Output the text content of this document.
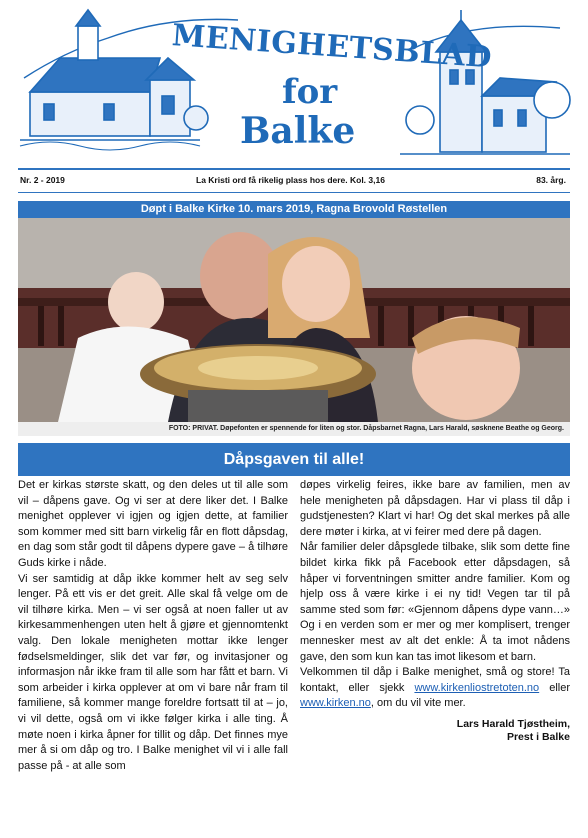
MENIGHETSBLAD
for
Balke
Nr. 2 - 2019	La Kristi ord få rikelig plass hos dere. Kol. 3,16	83. årg.
Døpt i Balke Kirke 10. mars 2019, Ragna Brovold Røstellen
FOTO: PRIVAT. Døpefonten er spennende for liten og stor. Dåpsbarnet Ragna, Lars Harald, søsknene Beathe og Georg.
Dåpsgaven til alle!

Det er kirkas største skatt, og den deles ut til alle som vil – dåpens gave. Og vi ser at dere liker det. I Balke menighet opplever vi igjen og igjen dette, at familier som kommer med sitt barn virkelig får en flott dåpsdag, en dag som står godt til dåpens dypere gave – å tilhøre Guds kirke i nåde.

Vi ser samtidig at dåp ikke kommer helt av seg selv lenger. På ett vis er det greit. Alle skal få velge om de vil tilhøre kirka. Men – vi ser også at noen faller ut av kirkesammenhengen uten helt å gjøre et gjennomtenkt valg. Den lokale menigheten mottar ikke lenger fødselsmeldinger, slik det var før, og invitasjoner og informasjon når ikke fram til alle som har fått et barn. Vi som arbeider i kirka opplever at om vi bare når fram til familiene, så kommer mange foreldre fortsatt til at – jo, vi vil dette, også om vi ikke følger kirka i alle ting. Å møte noen i kirka åpner for tillit og dåp. Det finnes mye mer å si om dåp og tro. I Balke menighet vil vi i alle fall passe på - at alle som

døpes virkelig feires, ikke bare av familien, men av hele menigheten på dåpsdagen. Har vi plass til dåp i gudstjenesten? Klart vi har! Og det skal merkes på alle dere møter i kirka, at vi feirer med dere på dagen.

Når familier deler dåpsglede tilbake, slik som dette fine bildet kirka fikk på Facebook etter dåpsdagen, så håper vi forventningen smitter andre familier. Kom og hjelp oss å være kirke i ei ny tid! Vegen tar til på samme sted som før: «Gjennom dåpens dype vann…» Og i en verden som er mer og mer komplisert, trenger mennesker mest av alt det enkle: Å ta imot nådens gave, den som kun kan tas imot likesom et barn.

Velkommen til dåp i Balke menighet, små og store! Ta kontakt, eller sjekk www.kirkenliostretoten.no eller www.kirken.no, om du vil vite mer.

Lars Harald Tjøstheim,
Prest i Balke
